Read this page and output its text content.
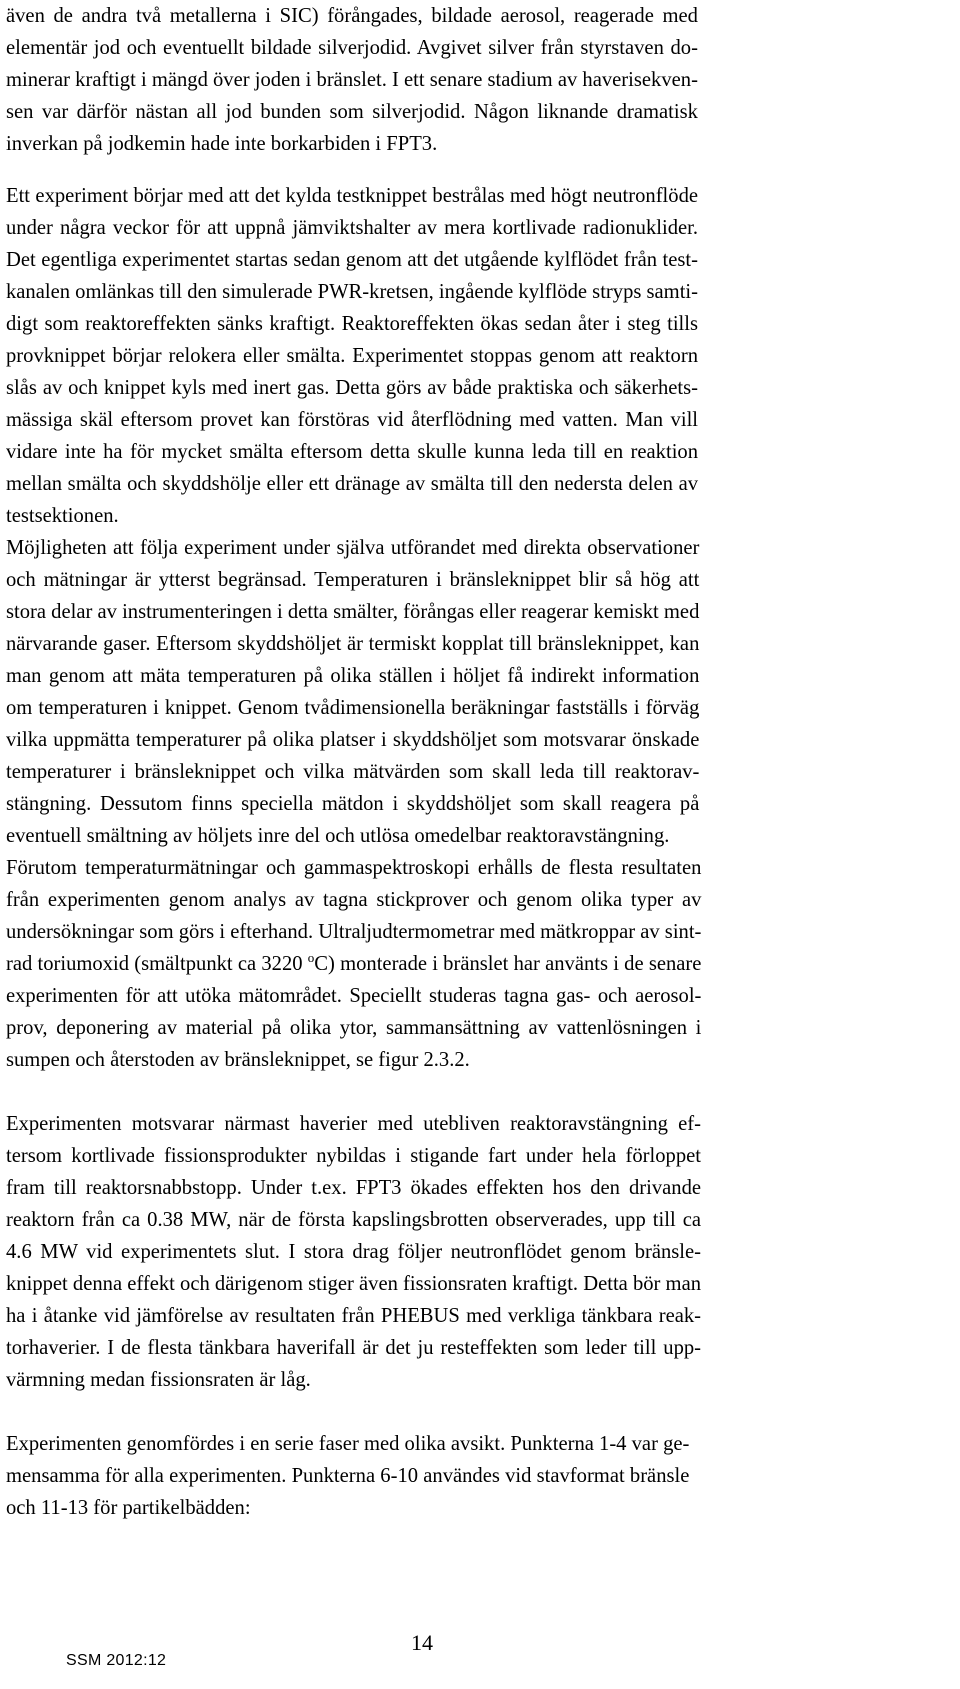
även de andra två metallerna i SIC) förångades, bildade aerosol, reagerade med
elementär jod och eventuellt bildade silverjodid. Avgivet silver från styrstaven do-
minerar kraftigt i mängd över joden i bränslet. I ett senare stadium av haverisekven-
sen var därför nästan all jod bunden som silverjodid. Någon liknande dramatisk
inverkan på jodkemin hade inte borkarbiden i FPT3.
Ett experiment börjar med att det kylda testknippet bestrålas med högt neutronflöde
under några veckor för att uppnå jämviktshalter av mera kortlivade radionuklider.
Det egentliga experimentet startas sedan genom att det utgående kylflödet från test-
kanalen omlänkas till den simulerade PWR-kretsen, ingående kylflöde stryps samti-
digt som reaktoreffekten sänks kraftigt. Reaktoreffekten ökas sedan åter i steg tills
provknippet börjar relokera eller smälta. Experimentet stoppas genom att reaktorn
slås av och knippet kyls med inert gas. Detta görs av både praktiska och säkerhets-
mässiga skäl eftersom provet kan förstöras vid återflödning med vatten. Man vill
vidare inte ha för mycket smälta eftersom detta skulle kunna leda till en reaktion
mellan smälta och skyddshölje eller ett dränage av smälta till den nedersta delen av
testsektionen.
Möjligheten att följa experiment under själva utförandet med direkta observationer
och mätningar är ytterst begränsad. Temperaturen i bränsleknippet blir så hög att
stora delar av instrumenteringen i detta smälter, förångas eller reagerar kemiskt med
närvarande gaser. Eftersom skyddshöljet är termiskt kopplat till bränsleknippet, kan
man genom att mäta temperaturen på olika ställen i höljet få indirekt information
om temperaturen i knippet. Genom tvådimensionella beräkningar fastställs i förväg
vilka uppmätta temperaturer på olika platser i skyddshöljet som motsvarar önskade
temperaturer i bränsleknippet och vilka mätvärden som skall leda till reaktorav-
stängning. Dessutom finns speciella mätdon i skyddshöljet som skall reagera på
eventuell smältning av höljets inre del och utlösa omedelbar reaktoravstängning.
Förutom temperaturmätningar och gammaspektroskopi erhålls de flesta resultaten
från experimenten genom analys av tagna stickprover och genom olika typer av
undersökningar som görs i efterhand. Ultraljudtermometrar med mätkroppar av sint-
rad toriumoxid (smältpunkt ca 3220 $^o$C) monterade i bränslet har använts i de senare
experimenten för att utöka mätområdet. Speciellt studeras tagna gas- och aerosol-
prov, deponering av material på olika ytor, sammansättning av vattenlösningen i
sumpen och återstoden av bränsleknippet, se figur 2.3.2.
Experimenten motsvarar närmast haverier med utebliven reaktoravstängning ef-
tersom kortlivade fissionsprodukter nybildas i stigande fart under hela förloppet
fram till reaktorsnabbstopp. Under t.ex. FPT3 ökades effekten hos den drivande
reaktorn från ca 0.38 MW, när de första kapslingsbrotten observerades, upp till ca
4.6 MW vid experimentets slut. I stora drag följer neutronflödet genom bränsle-
knippet denna effekt och därigenom stiger även fissionsraten kraftigt. Detta bör man
ha i åtanke vid jämförelse av resultaten från PHEBUS med verkliga tänkbara reak-
torhaverier. I de flesta tänkbara haverifall är det ju resteffekten som leder till upp-
värmning medan fissionsraten är låg.
Experimenten genomfördes i en serie faser med olika avsikt. Punkterna 1-4 var ge-
mensamma för alla experimenten. Punkterna 6-10 användes vid stavformat bränsle
och 11-13 för partikelbädden:
SSM 2012:12
14
